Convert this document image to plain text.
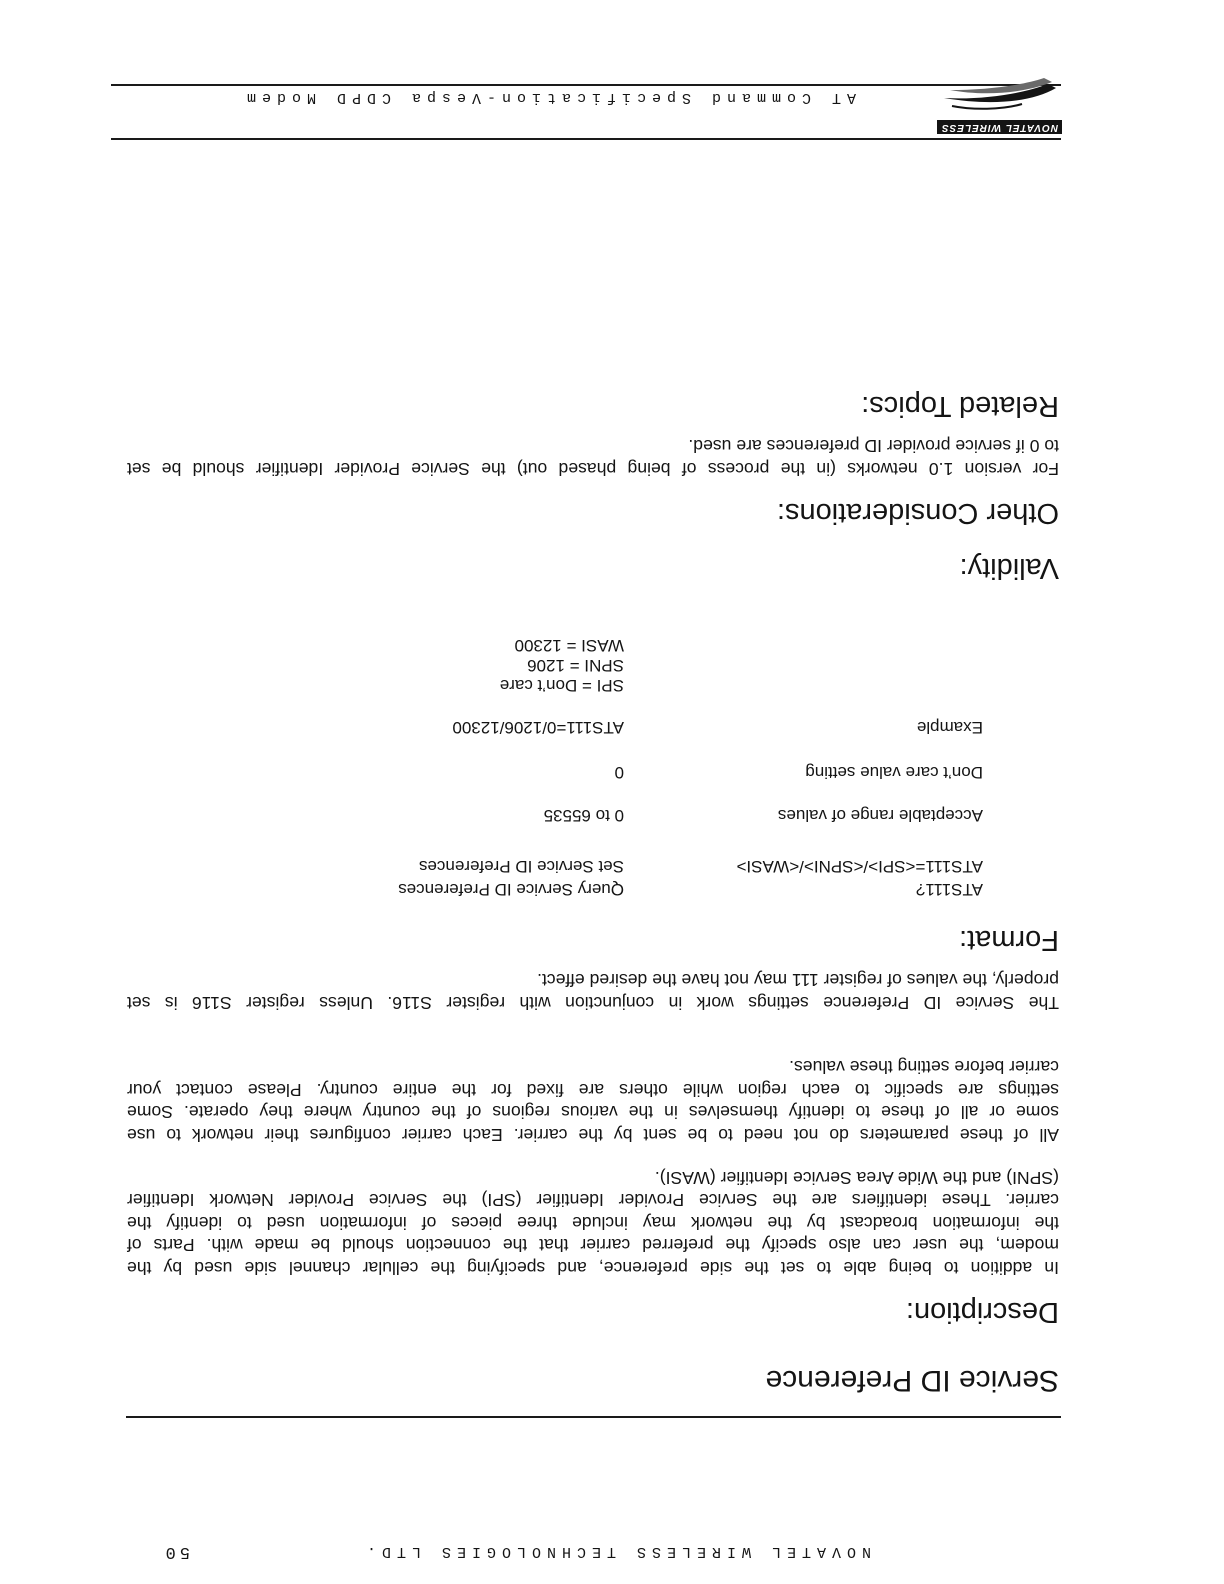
NOVATEL WIRELESS TECHNOLOGIES LTD.
50
Service ID Preference
Description:
In addition to being able to set the side preference, and specifying the cellular channel side used by the
modem, the user can also specify the preferred carrier that the connection should be made with. Parts of
the information broadcast by the network may include three pieces of information used to identify the
carrier. These identifiers are the Service Provider Identifier (SPI) the Service Provider Network Identifier
(SPNI) and the Wide Area Service Identifier (WASI).
All of these parameters do not need to be sent by the carrier. Each carrier configures their network to use
some or all of these to identify themselves in the various regions of the country where they operate. Some
settings are specific to each region while others are fixed for the entire country. Please contact your
carrier before setting these values.
The Service ID Preference settings work in conjunction with register S116. Unless register S116 is set
properly, the values of register 111 may not have the desired effect.
Format:
ATS111?
Query Service ID Preferences
ATS111=<SPI>/<SPNI>/<WASI>
Set Service ID Preferences
Acceptable range of values
0 to 65535
Don’t care value setting
0
Example
ATS111=0/1206/12300
SPI = Don’t care
SPNI = 1206
WASI = 12300
Validity:
Other Considerations:
For version 1.0 networks (in the process of being phased out) the Service Provider Identifier should be set
to 0 if service provider ID preferences are used.
Related Topics:
AT Command Specification-Vespa CDPD Modem
NOVATEL WIRELESS
